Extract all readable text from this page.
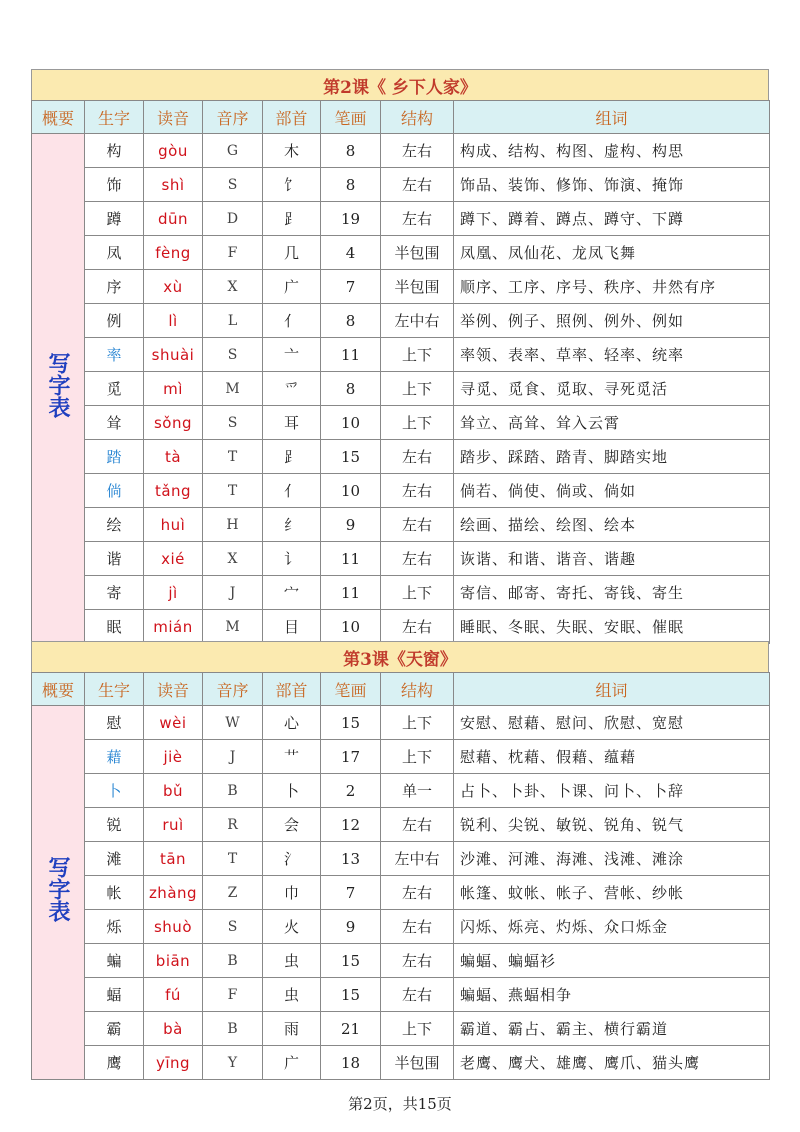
第2课《 乡下人家》
概要	生字	读音	音序	部首	笔画	结构	组词
写字表	构	gòu	G	木	8	左右	构成、结构、构图、虚构、构思
	饰	shì	S	饣	8	左右	饰品、装饰、修饰、饰演、掩饰
	蹲	dūn	D	⻊	19	左右	蹲下、蹲着、蹲点、蹲守、下蹲
	凤	fèng	F	几	4	半包围	凤凰、凤仙花、龙凤飞舞
	序	xù	X	广	7	半包围	顺序、工序、序号、秩序、井然有序
	例	lì	L	亻	8	左中右	举例、例子、照例、例外、例如
	率	shuài	S	亠	11	上下	率领、表率、草率、轻率、统率
	觅	mì	M	爫	8	上下	寻觅、觅食、觅取、寻死觅活
	耸	sǒng	S	耳	10	上下	耸立、高耸、耸入云霄
	踏	tà	T	⻊	15	左右	踏步、踩踏、踏青、脚踏实地
	倘	tǎng	T	亻	10	左右	倘若、倘使、倘或、倘如
	绘	huì	H	纟	9	左右	绘画、描绘、绘图、绘本
	谐	xié	X	讠	11	左右	诙谐、和谐、谐音、谐趣
	寄	jì	J	宀	11	上下	寄信、邮寄、寄托、寄钱、寄生
	眠	mián	M	目	10	左右	睡眠、冬眠、失眠、安眠、催眠
第3课《天窗》
概要	生字	读音	音序	部首	笔画	结构	组词
写字表	慰	wèi	W	心	15	上下	安慰、慰藉、慰问、欣慰、宽慰
	藉	jiè	J	艹	17	上下	慰藉、枕藉、假藉、蕴藉
	卜	bǔ	B	卜	2	单一	占卜、卜卦、卜课、问卜、卜辞
	锐	ruì	R	会	12	左右	锐利、尖锐、敏锐、锐角、锐气
	滩	tān	T	氵	13	左中右	沙滩、河滩、海滩、浅滩、滩涂
	帐	zhàng	Z	巾	7	左右	帐篷、蚊帐、帐子、营帐、纱帐
	烁	shuò	S	火	9	左右	闪烁、烁亮、灼烁、众口烁金
	蝙	biān	B	虫	15	左右	蝙蝠、蝙蝠衫
	蝠	fú	F	虫	15	左右	蝙蝠、燕蝠相争
	霸	bà	B	雨	21	上下	霸道、霸占、霸主、横行霸道
	鹰	yīng	Y	广	18	半包围	老鹰、鹰犬、雄鹰、鹰爪、猫头鹰
第2页，共15页
